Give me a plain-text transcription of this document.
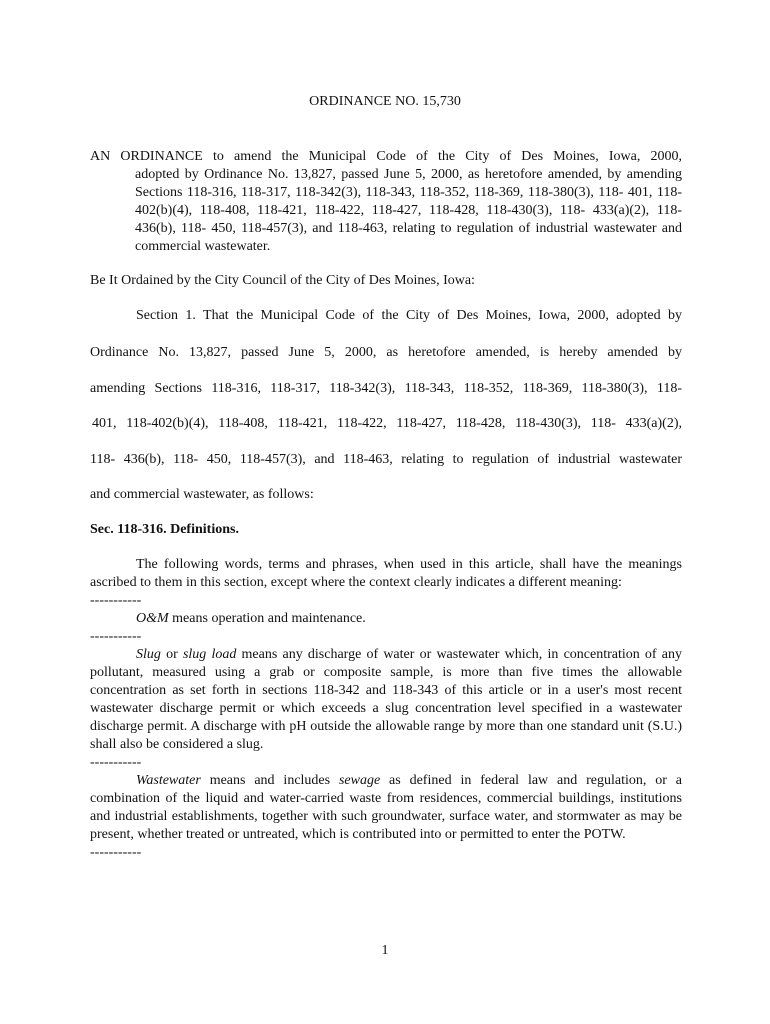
ORDINANCE NO. 15,730
AN ORDINANCE to amend the Municipal Code of the City of Des Moines, Iowa, 2000,
adopted by Ordinance No. 13,827, passed June 5, 2000, as heretofore amended, by amending Sections 118-316, 118-317, 118-342(3), 118-343, 118-352, 118-369, 118-380(3), 118- 401, 118-402(b)(4), 118-408, 118-421, 118-422, 118-427, 118-428, 118-430(3), 118- 433(a)(2), 118- 436(b), 118- 450, 118-457(3), and 118-463, relating to regulation of industrial wastewater and commercial wastewater.
Be It Ordained by the City Council of the City of Des Moines, Iowa:
Section 1. That the Municipal Code of the City of Des Moines, Iowa, 2000, adopted by
Ordinance No. 13,827, passed June 5, 2000, as heretofore amended, is hereby amended by
amending Sections 118-316, 118-317, 118-342(3), 118-343, 118-352, 118-369, 118-380(3), 118-
401, 118-402(b)(4), 118-408, 118-421, 118-422, 118-427, 118-428, 118-430(3), 118- 433(a)(2),
118- 436(b), 118- 450, 118-457(3), and 118-463, relating to regulation of industrial wastewater
and commercial wastewater, as follows:
Sec. 118-316. Definitions.

The following words, terms and phrases, when used in this article, shall have the meanings ascribed to them in this section, except where the context clearly indicates a different meaning:

-----------

O&M means operation and maintenance.

-----------

Slug or slug load means any discharge of water or wastewater which, in concentration of any pollutant, measured using a grab or composite sample, is more than five times the allowable concentration as set forth in sections 118-342 and 118-343 of this article or in a user's most recent wastewater discharge permit or which exceeds a slug concentration level specified in a wastewater discharge permit. A discharge with pH outside the allowable range by more than one standard unit (S.U.) shall also be considered a slug.

-----------

Wastewater means and includes sewage as defined in federal law and regulation, or a combination of the liquid and water-carried waste from residences, commercial buildings, institutions and industrial establishments, together with such groundwater, surface water, and stormwater as may be present, whether treated or untreated, which is contributed into or permitted to enter the POTW.

-----------

1
